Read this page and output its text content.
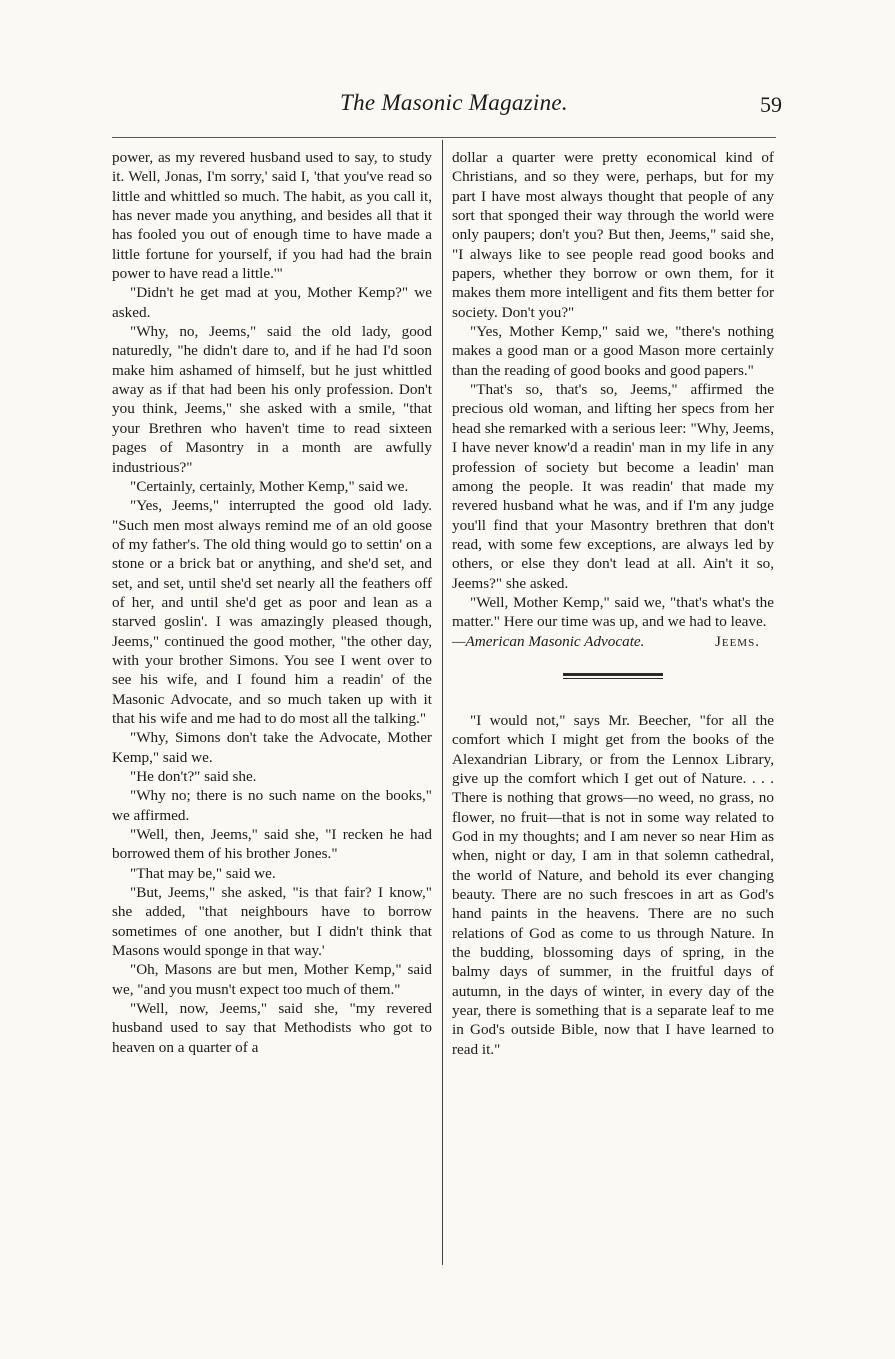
The Masonic Magazine.	59

power, as my revered husband used to say, to study it. Well, Jonas, I'm sorry,' said I, 'that you've read so little and whittled so much. The habit, as you call it, has never made you anything, and besides all that it has fooled you out of enough time to have made a little fortune for yourself, if you had had the brain power to have read a little.'"

"Didn't he get mad at you, Mother Kemp?" we asked.

"Why, no, Jeems," said the old lady, good naturedly, "he didn't dare to, and if he had I'd soon make him ashamed of himself, but he just whittled away as if that had been his only profession. Don't you think, Jeems," she asked with a smile, "that your Brethren who haven't time to read sixteen pages of Masontry in a month are awfully industrious?"

"Certainly, certainly, Mother Kemp," said we.

"Yes, Jeems," interrupted the good old lady. "Such men most always remind me of an old goose of my father's. The old thing would go to settin' on a stone or a brick bat or anything, and she'd set, and set, and set, until she'd set nearly all the feathers off of her, and until she'd get as poor and lean as a starved goslin'. I was amazingly pleased though, Jeems," continued the good mother, "the other day, with your brother Simons. You see I went over to see his wife, and I found him a readin' of the Masonic Advocate, and so much taken up with it that his wife and me had to do most all the talking."

"Why, Simons don't take the Advocate, Mother Kemp," said we.

"He don't?" said she.

"Why no; there is no such name on the books," we affirmed.

"Well, then, Jeems," said she, "I recken he had borrowed them of his brother Jones."

"That may be," said we.

"But, Jeems," she asked, "is that fair? I know," she added, "that neighbours have to borrow sometimes of one another, but I didn't think that Masons would sponge in that way.'

"Oh, Masons are but men, Mother Kemp," said we, "and you musn't expect too much of them."

"Well, now, Jeems," said she, "my revered husband used to say that Methodists who got to heaven on a quarter of a

dollar a quarter were pretty economical kind of Christians, and so they were, perhaps, but for my part I have most always thought that people of any sort that sponged their way through the world were only paupers; don't you? But then, Jeems," said she, "I always like to see people read good books and papers, whether they borrow or own them, for it makes them more intelligent and fits them better for society. Don't you?"

"Yes, Mother Kemp," said we, "there's nothing makes a good man or a good Mason more certainly than the reading of good books and good papers."

"That's so, that's so, Jeems," affirmed the precious old woman, and lifting her specs from her head she remarked with a serious leer: "Why, Jeems, I have never know'd a readin' man in my life in any profession of society but become a leadin' man among the people. It was readin' that made my revered husband what he was, and if I'm any judge you'll find that your Masontry brethren that don't read, with some few exceptions, are always led by others, or else they don't lead at all. Ain't it so, Jeems?" she asked.

"Well, Mother Kemp," said we, "that's what's the matter." Here our time was up, and we had to leave.

—American Masonic Advocate.	Jeems.

"I would not," says Mr. Beecher, "for all the comfort which I might get from the books of the Alexandrian Library, or from the Lennox Library, give up the comfort which I get out of Nature. . . . There is nothing that grows—no weed, no grass, no flower, no fruit—that is not in some way related to God in my thoughts; and I am never so near Him as when, night or day, I am in that solemn cathedral, the world of Nature, and behold its ever changing beauty. There are no such frescoes in art as God's hand paints in the heavens. There are no such relations of God as come to us through Nature. In the budding, blossoming days of spring, in the balmy days of summer, in the fruitful days of autumn, in the days of winter, in every day of the year, there is something that is a separate leaf to me in God's outside Bible, now that I have learned to read it."
